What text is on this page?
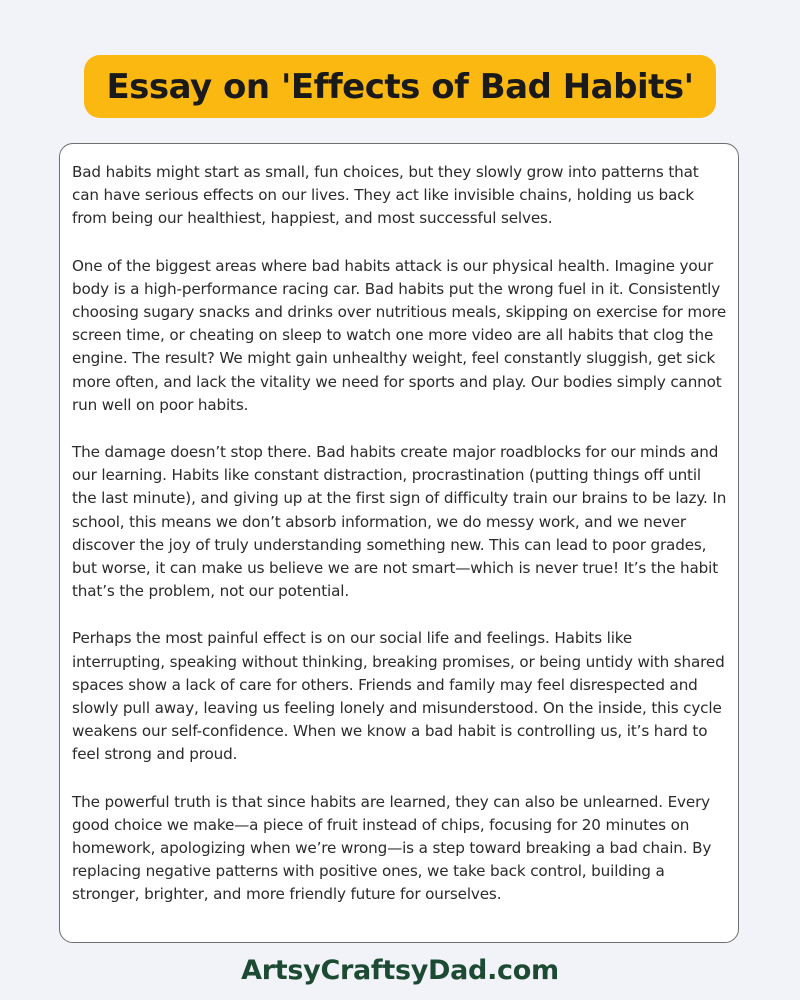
Essay on 'Effects of Bad Habits'

Bad habits might start as small, fun choices, but they slowly grow into patterns that can have serious effects on our lives. They act like invisible chains, holding us back from being our healthiest, happiest, and most successful selves.

One of the biggest areas where bad habits attack is our physical health. Imagine your body is a high-performance racing car. Bad habits put the wrong fuel in it. Consistently choosing sugary snacks and drinks over nutritious meals, skipping on exercise for more screen time, or cheating on sleep to watch one more video are all habits that clog the engine. The result? We might gain unhealthy weight, feel constantly sluggish, get sick more often, and lack the vitality we need for sports and play. Our bodies simply cannot run well on poor habits.

The damage doesn’t stop there. Bad habits create major roadblocks for our minds and our learning. Habits like constant distraction, procrastination (putting things off until the last minute), and giving up at the first sign of difficulty train our brains to be lazy. In school, this means we don’t absorb information, we do messy work, and we never discover the joy of truly understanding something new. This can lead to poor grades, but worse, it can make us believe we are not smart—which is never true! It’s the habit that’s the problem, not our potential.

Perhaps the most painful effect is on our social life and feelings. Habits like interrupting, speaking without thinking, breaking promises, or being untidy with shared spaces show a lack of care for others. Friends and family may feel disrespected and slowly pull away, leaving us feeling lonely and misunderstood. On the inside, this cycle weakens our self-confidence. When we know a bad habit is controlling us, it’s hard to feel strong and proud.

The powerful truth is that since habits are learned, they can also be unlearned. Every good choice we make—a piece of fruit instead of chips, focusing for 20 minutes on homework, apologizing when we’re wrong—is a step toward breaking a bad chain. By replacing negative patterns with positive ones, we take back control, building a stronger, brighter, and more friendly future for ourselves.

ArtsyCraftsyDad.com
